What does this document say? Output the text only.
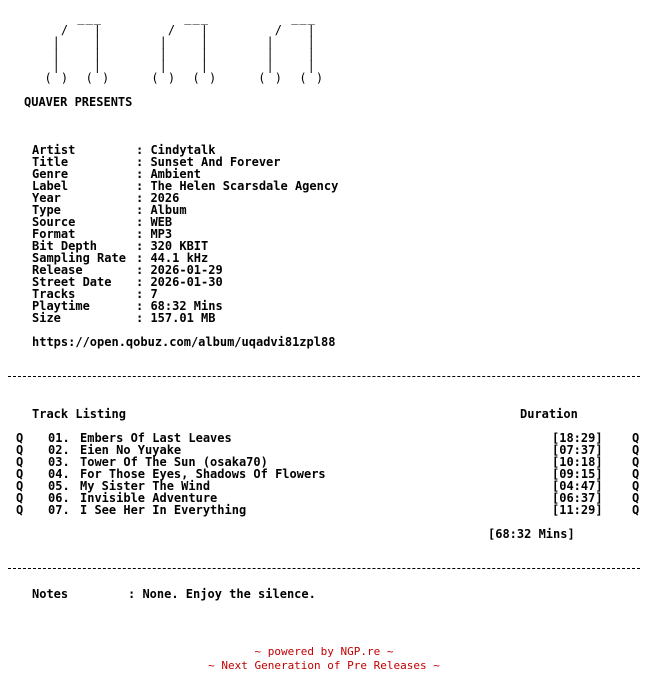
___          ___          ___
/   |        /   |        /   |
|    |       |    |       |    |
|    |       |    |       |    |
|    |       |    |       |    |
( )  ( )     ( )  ( )     ( )  ( )
QUAVER PRESENTS
Artist	: Cindytalk
Title	: Sunset And Forever
Genre	: Ambient
Label	: The Helen Scarsdale Agency
Year	: 2026
Type	: Album
Source	: WEB
Format	: MP3
Bit Depth	: 320 KBIT
Sampling Rate : 44.1 kHz
Release	: 2026-01-29
Street Date : 2026-01-30
Tracks	: 7
Playtime	: 68:32 Mins
Size	: 157.01 MB
https://open.qobuz.com/album/uqadvi81zpl88
Track Listing	Duration
Q 01. Embers Of Last Leaves	[18:29] Q
Q 02. Eien No Yuyake	[07:37] Q
Q 03. Tower Of The Sun (osaka70)	[10:18] Q
Q 04. For Those Eyes, Shadows Of Flowers	[09:15] Q
Q 05. My Sister The Wind	[04:47] Q
Q 06. Invisible Adventure	[06:37] Q
Q 07. I See Her In Everything	[11:29] Q
[68:32 Mins]
Notes	: None. Enjoy the silence.
~ powered by NGP.re ~
~ Next Generation of Pre Releases ~
